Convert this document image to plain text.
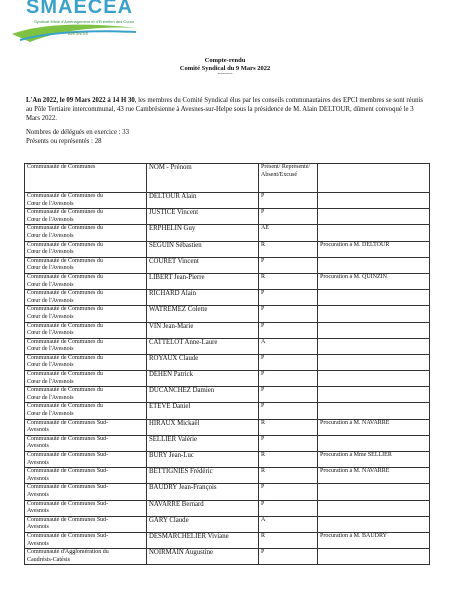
SMAECEA
Syndicat Mixte d'Aménagement et d'Entretien des Cours
AVESNOIS
Compte-rendu
Comité Syndical du 9 Mars 2022
---------
L'An 2022, le 09 Mars 2022 à 14 H 30, les membres du Comité Syndical élus par les conseils communautaires des EPCI membres se sont réunis au Pôle Tertiaire intercommunal, 43 rue Cambrésienne à Avesnes-sur-Helpe sous la présidence de M. Alain DELTOUR, dûment convoqué le 3 Mars 2022.
Nombres de délégués en exercice : 33
Présents ou représentés : 28
Communauté de Communes	NOM - Prénom	Présent/ Représenté/ Absent/Excusé	

Communauté de Communes du
Cœur de l'Avesnois	DELTOUR Alain	P	

Communauté de Communes du
Cœur de l'Avesnois	JUSTICE Vincent	P	

Communauté de Communes du
Cœur de l'Avesnois	ERPHELIN Guy	AE	

Communauté de Communes du
Cœur de l'Avesnois	SEGUIN Sébastien	R	Procuration à M. DELTOUR

Communauté de Communes du
Cœur de l'Avesnois	COURET Vincent	P	

Communauté de Communes du
Cœur de l'Avesnois	LIBERT Jean-Pierre	R	Procuration à M. QUINZIN

Communauté de Communes du
Cœur de l'Avesnois	RICHARD Alain	P	

Communauté de Communes du
Cœur de l'Avesnois	WATREMEZ Colette	P	

Communauté de Communes du
Cœur de l'Avesnois	VIN Jean-Marie	P	

Communauté de Communes du
Cœur de l'Avesnois	CATTELOT Anne-Laure	A	

Communauté de Communes du
Cœur de l'Avesnois	ROYAUX Claude	P	

Communauté de Communes du
Cœur de l'Avesnois	DEHEN Patrick	P	

Communauté de Communes du
Cœur de l'Avesnois	DUCANCHEZ Damien	P	

Communauté de Communes du
Cœur de l'Avesnois	ETEVE Daniel	P	

Communauté de Communes Sud-
Avesnois	HIRAUX Mickaël	R	Procuration à M. NAVARRE

Communauté de Communes Sud-
Avesnois	SELLIER Valérie	P	

Communauté de Communes Sud-
Avesnois	BURY Jean-Luc	R	Procuration à Mme SELLIER

Communauté de Communes Sud-
Avesnois	BETTIGNIES Frédéric	R	Procuration à M. NAVARRE

Communauté de Communes Sud-
Avesnois	BAUDRY Jean-François	P	

Communauté de Communes Sud-
Avesnois	NAVARRE Bernard	P	

Communauté de Communes Sud-
Avesnois	GARY Claude	A	

Communauté de Communes Sud-
Avesnois	DESMARCHELIER Viviane	R	Procuration à M. BAUDRY

Communauté d'Agglomération du
Caudrésis-Catésis	NOIRMAIN Augustine	P	
